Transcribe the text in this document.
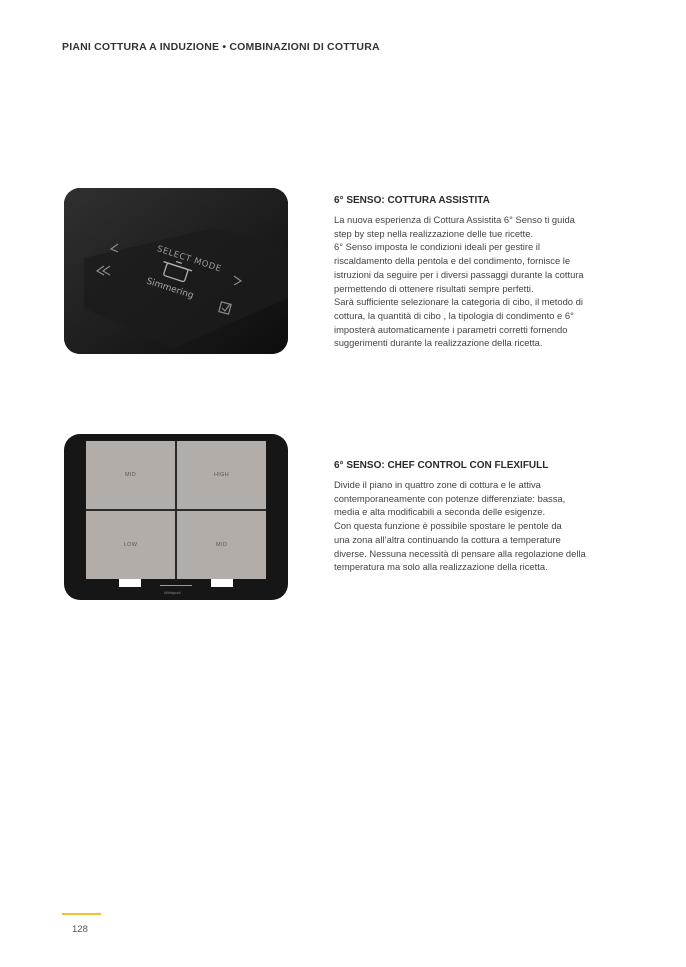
PIANI COTTURA A INDUZIONE • COMBINAZIONI DI COTTURA
SELECT MODE
Simmering
6° SENSO: COTTURA ASSISTITA

La nuova esperienza di Cottura Assistita 6° Senso ti guida
step by step nella realizzazione delle tue ricette.
6° Senso imposta le condizioni ideali per gestire il
riscaldamento della pentola e del condimento, fornisce le
istruzioni da seguire per i diversi passaggi durante la cottura
permettendo di ottenere risultati sempre perfetti.
Sarà sufficiente selezionare la categoria di cibo, il metodo di
cottura, la quantità di cibo , la tipologia di condimento e 6°
imposterà automaticamente i parametri corretti fornendo
suggerimenti durante la realizzazione della ricetta.

MID	HIGH
LOW	MID
Whirlpool
6° SENSO: CHEF CONTROL CON FLEXIFULL

Divide il piano in quattro zone di cottura e le attiva
contemporaneamente con potenze differenziate: bassa,
media e alta modificabili a seconda delle esigenze.
Con questa funzione è possibile spostare le pentole da
una zona all’altra continuando la cottura a temperature
diverse. Nessuna necessità di pensare alla regolazione della
temperatura ma solo alla realizzazione della ricetta.

128
